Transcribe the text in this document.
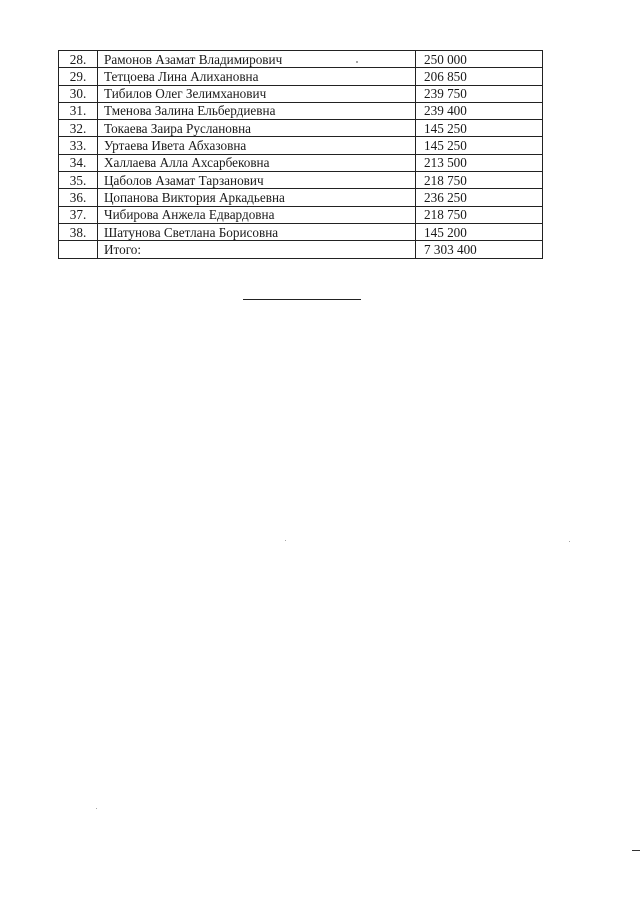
28.	Рамонов Азамат Владимирович	250 000
29.	Тетцоева Лина Алихановна	206 850
30.	Тибилов Олег Зелимханович	239 750
31.	Тменова Залина Ельбердиевна	239 400
32.	Токаева Заира Руслановна	145 250
33.	Уртаева Ивета Абхазовна	145 250
34.	Халлаева Алла Ахсарбековна	213 500
35.	Цаболов Азамат Тарзанович	218 750
36.	Цопанова Виктория Аркадьевна	236 250
37.	Чибирова Анжела Едвардовна	218 750
38.	Шатунова Светлана Борисовна	145 200
	Итого:	7 303 400
